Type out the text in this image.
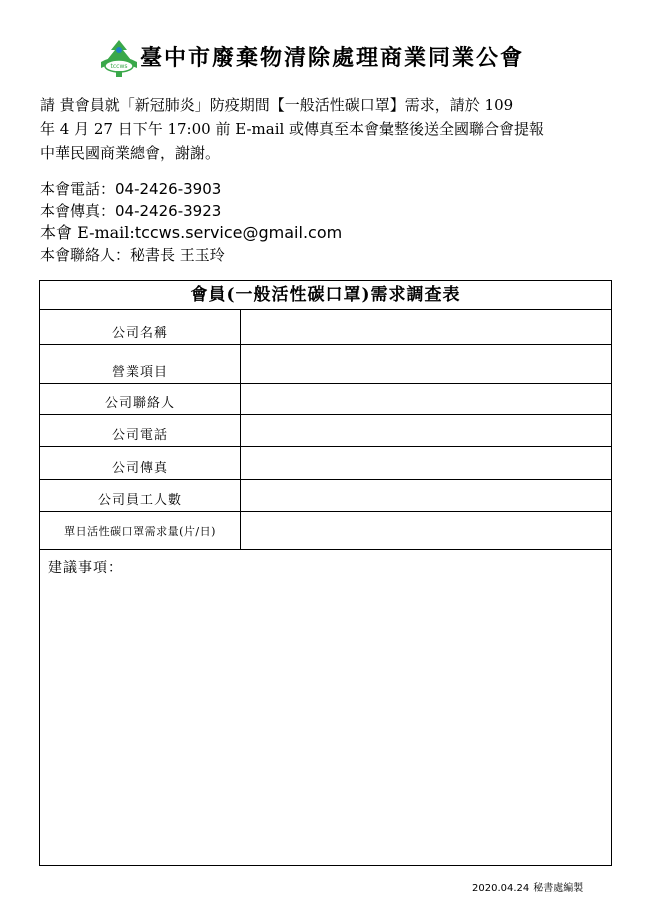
tccws 臺中市廢棄物清除處理商業同業公會
請 貴會員就「新冠肺炎」防疫期間【一般活性碳口罩】需求，請於 109
年 4 月 27 日下午 17:00 前 E-mail 或傳真至本會彙整後送全國聯合會提報
中華民國商業總會，謝謝。
本會電話：04-2426-3903
本會傳真：04-2426-3923
本會 E-mail:tccws.service@gmail.com
本會聯絡人：秘書長 王玉玲
會員(一般活性碳口罩)需求調查表
公司名稱
營業項目
公司聯絡人
公司電話
公司傳真
公司員工人數
單日活性碳口罩需求量(片/日)
建議事項：
2020.04.24 秘書處編製
